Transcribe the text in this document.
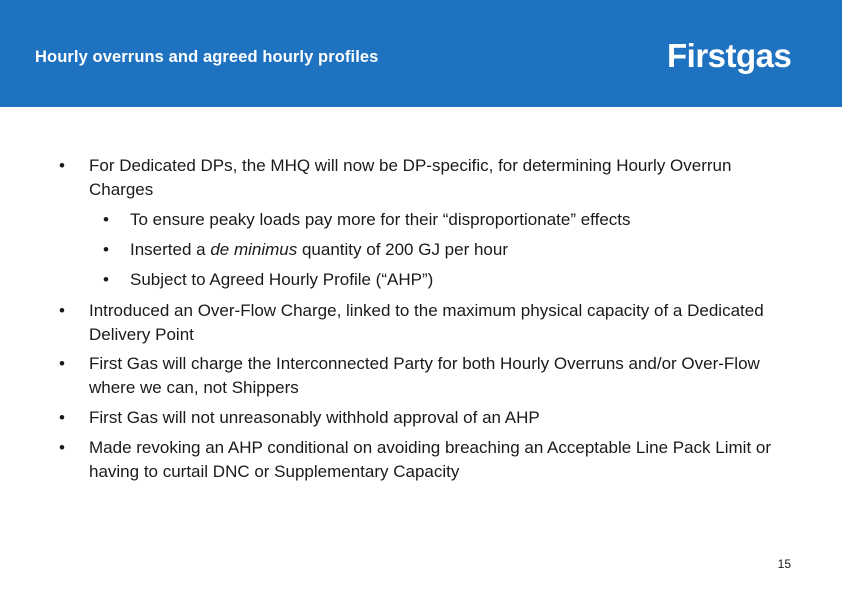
Hourly overruns and agreed hourly profiles	Firstgas
• For Dedicated DPs, the MHQ will now be DP-specific, for determining Hourly Overrun Charges
• To ensure peaky loads pay more for their “disproportionate” effects
• Inserted a de minimus quantity of 200 GJ per hour
• Subject to Agreed Hourly Profile (“AHP”)
• Introduced an Over-Flow Charge, linked to the maximum physical capacity of a Dedicated Delivery Point
• First Gas will charge the Interconnected Party for both Hourly Overruns and/or Over-Flow where we can, not Shippers
• First Gas will not unreasonably withhold approval of an AHP
• Made revoking an AHP conditional on avoiding breaching an Acceptable Line Pack Limit or having to curtail DNC or Supplementary Capacity
15
